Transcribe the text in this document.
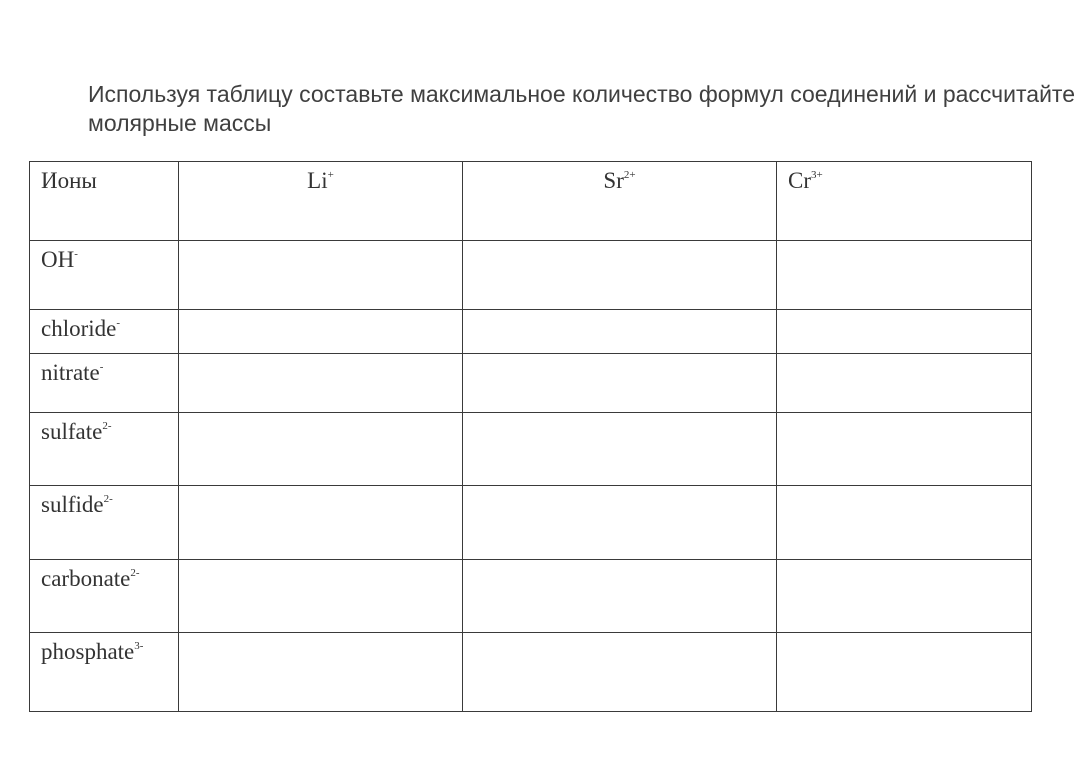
Используя таблицу составьте максимальное количество формул соединений и рассчитайте
молярные массы
Ионы	Li+	$Sr^{2+}$	$Cr^{3+}$
OH-			
chloride-			
nitrate-			
sulfate$^{2-}$			
sulfide$^{2-}$			
carbonate$^{2-}$			
phosphate$^{3-}$			
